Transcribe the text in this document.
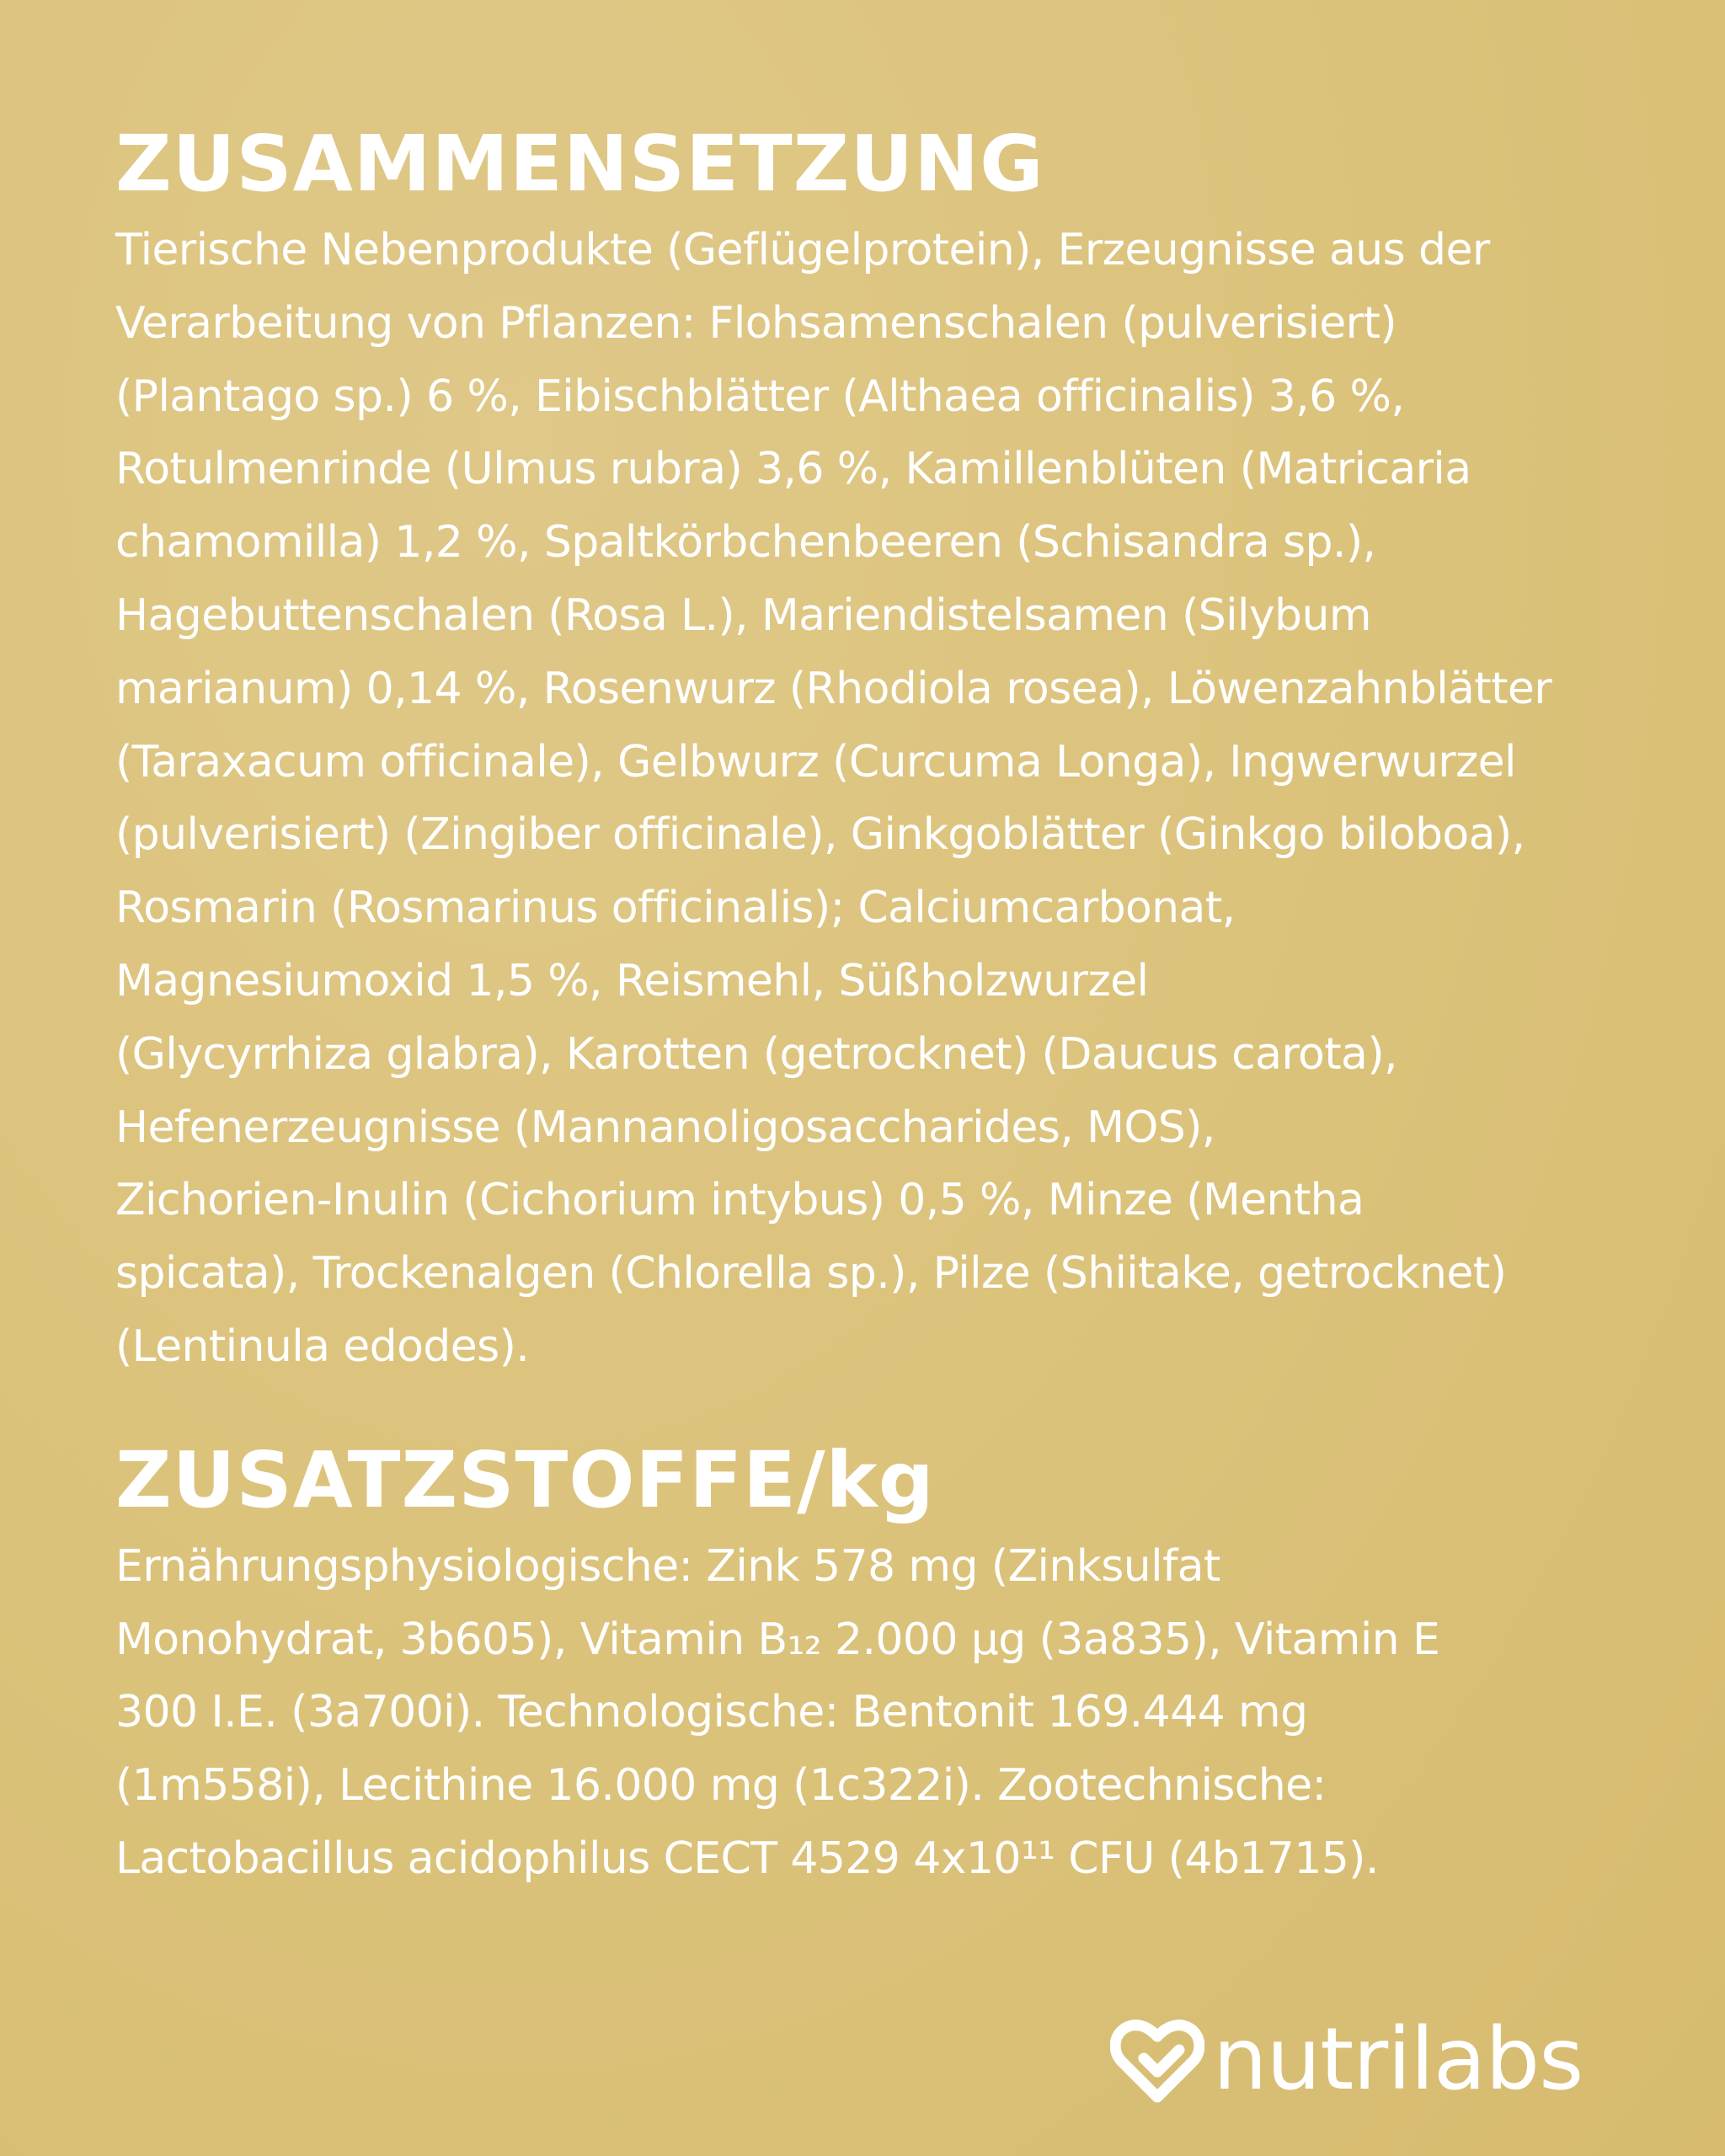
ZUSAMMENSETZUNG

Tierische Nebenprodukte (Geflügelprotein), Erzeugnisse aus der
Verarbeitung von Pflanzen: Flohsamenschalen (pulverisiert)
(Plantago sp.) 6 %, Eibischblätter (Althaea officinalis) 3,6 %,
Rotulmenrinde (Ulmus rubra) 3,6 %, Kamillenblüten (Matricaria
chamomilla) 1,2 %, Spaltkörbchenbeeren (Schisandra sp.),
Hagebuttenschalen (Rosa L.), Mariendistelsamen (Silybum
marianum) 0,14 %, Rosenwurz (Rhodiola rosea), Löwenzahnblätter
(Taraxacum officinale), Gelbwurz (Curcuma Longa), Ingwerwurzel
(pulverisiert) (Zingiber officinale), Ginkgoblätter (Ginkgo biloboa),
Rosmarin (Rosmarinus officinalis); Calciumcarbonat,
Magnesiumoxid 1,5 %, Reismehl, Süßholzwurzel
(Glycyrrhiza glabra), Karotten (getrocknet) (Daucus carota),
Hefenerzeugnisse (Mannanoligosaccharides, MOS),
Zichorien-Inulin (Cichorium intybus) 0,5 %, Minze (Mentha
spicata), Trockenalgen (Chlorella sp.), Pilze (Shiitake, getrocknet)
(Lentinula edodes).

ZUSATZSTOFFE/kg

Ernährungsphysiologische: Zink 578 mg (Zinksulfat
Monohydrat, 3b605), Vitamin B₁₂ 2.000 µg (3a835), Vitamin E
300 I.E. (3a700i). Technologische: Bentonit 169.444 mg
(1m558i), Lecithine 16.000 mg (1c322i). Zootechnische:
Lactobacillus acidophilus CECT 4529 4x10¹¹ CFU (4b1715).

nutrilabs
